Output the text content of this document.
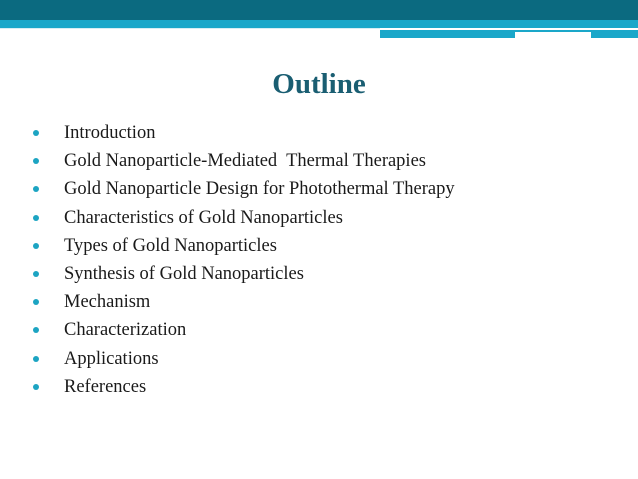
Outline
Introduction
Gold Nanoparticle-Mediated  Thermal Therapies
Gold Nanoparticle Design for Photothermal Therapy
Characteristics of Gold Nanoparticles
Types of Gold Nanoparticles
Synthesis of Gold Nanoparticles
Mechanism
Characterization
Applications
References
